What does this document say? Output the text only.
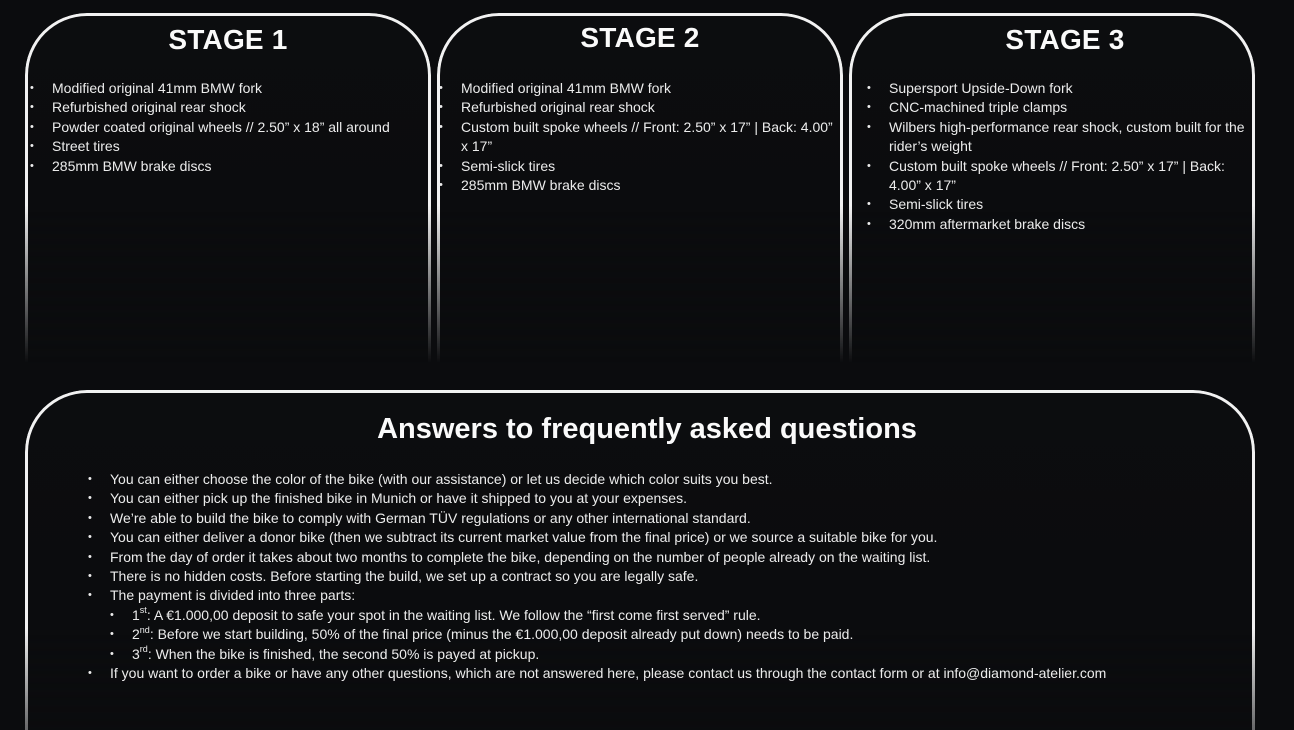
STAGE 1
• Modified original 41mm BMW fork
• Refurbished original rear shock
• Powder coated original wheels // 2.50” x 18” all around
• Street tires
• 285mm BMW brake discs
STAGE 2
• Modified original 41mm BMW fork
• Refurbished original rear shock
• Custom built spoke wheels // Front: 2.50” x 17” | Back: 4.00” x 17”
• Semi-slick tires
• 285mm BMW brake discs
STAGE 3
• Supersport Upside-Down fork
• CNC-machined triple clamps
• Wilbers high-performance rear shock, custom built for the rider’s weight
• Custom built spoke wheels // Front: 2.50” x 17” | Back: 4.00” x 17”
• Semi-slick tires
• 320mm aftermarket brake discs
Answers to frequently asked questions
• You can either choose the color of the bike (with our assistance) or let us decide which color suits you best.
• You can either pick up the finished bike in Munich or have it shipped to you at your expenses.
• We’re able to build the bike to comply with German TÜV regulations or any other international standard.
• You can either deliver a donor bike (then we subtract its current market value from the final price) or we source a suitable bike for you.
• From the day of order it takes about two months to complete the bike, depending on the number of people already on the waiting list.
• There is no hidden costs. Before starting the build, we set up a contract so you are legally safe.
• The payment is divided into three parts:
• 1st: A €1.000,00 deposit to safe your spot in the waiting list. We follow the “first come first served” rule.
• 2nd: Before we start building, 50% of the final price (minus the €1.000,00 deposit already put down) needs to be paid.
• 3rd: When the bike is finished, the second 50% is payed at pickup.
• If you want to order a bike or have any other questions, which are not answered here, please contact us through the contact form or at info@diamond-atelier.com
